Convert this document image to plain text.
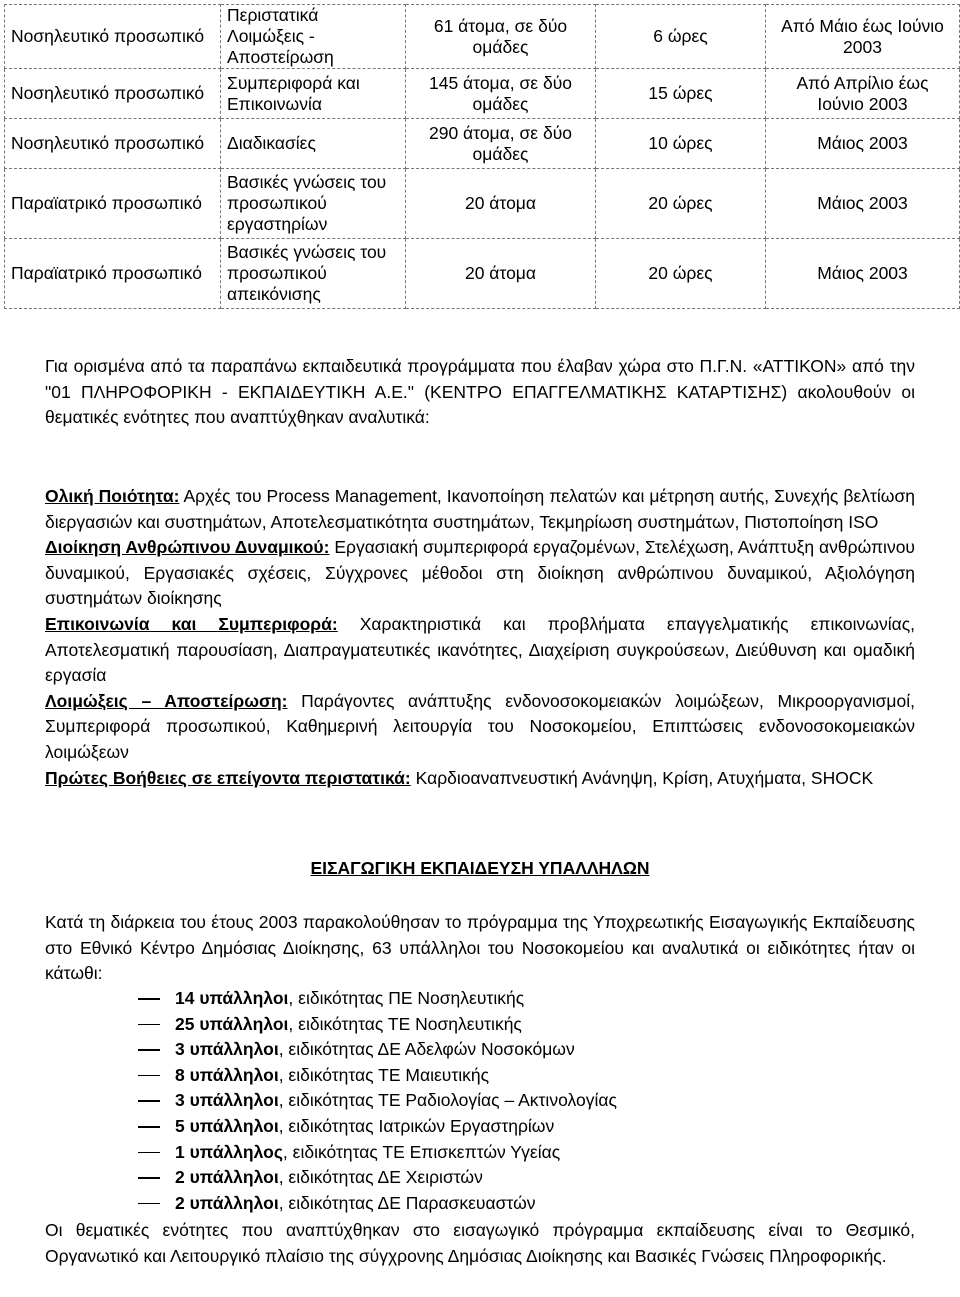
Νοσηλευτικό προσωπικό	Περιστατικά Λοιμώξεις - Αποστείρωση	61 άτομα, σε δύο ομάδες	6 ώρες	Από Μάιο έως Ιούνιο 2003
Νοσηλευτικό προσωπικό	Συμπεριφορά και Επικοινωνία	145 άτομα, σε δύο ομάδες	15 ώρες	Από Απρίλιο έως Ιούνιο 2003
Νοσηλευτικό προσωπικό	Διαδικασίες	290 άτομα, σε δύο ομάδες	10 ώρες	Μάιος 2003
Παραϊατρικό προσωπικό	Βασικές γνώσεις του προσωπικού εργαστηρίων	20 άτομα	20 ώρες	Μάιος 2003
Παραϊατρικό προσωπικό	Βασικές γνώσεις του προσωπικού απεικόνισης	20 άτομα	20 ώρες	Μάιος 2003

Για ορισμένα από τα παραπάνω εκπαιδευτικά προγράμματα που έλαβαν χώρα στο Π.Γ.Ν. «ΑΤΤΙΚΟΝ» από την "01 ΠΛΗΡΟΦΟΡΙΚΗ - ΕΚΠΑΙΔΕΥΤΙΚΗ Α.Ε." (ΚΕΝΤΡΟ ΕΠΑΓΓΕΛΜΑΤΙΚΗΣ ΚΑΤΑΡΤΙΣΗΣ) ακολουθούν οι θεματικές ενότητες που αναπτύχθηκαν αναλυτικά:

Ολική Ποιότητα: Αρχές του Process Management, Ικανοποίηση πελατών και μέτρηση αυτής, Συνεχής βελτίωση διεργασιών και συστημάτων, Αποτελεσματικότητα συστημάτων, Τεκμηρίωση συστημάτων, Πιστοποίηση ISO

Διοίκηση Ανθρώπινου Δυναμικού: Εργασιακή συμπεριφορά εργαζομένων, Στελέχωση, Ανάπτυξη ανθρώπινου δυναμικού, Εργασιακές σχέσεις, Σύγχρονες μέθοδοι στη διοίκηση ανθρώπινου δυναμικού, Αξιολόγηση συστημάτων διοίκησης

Επικοινωνία και Συμπεριφορά: Χαρακτηριστικά και προβλήματα επαγγελματικής επικοινωνίας, Αποτελεσματική παρουσίαση, Διαπραγματευτικές ικανότητες, Διαχείριση συγκρούσεων, Διεύθυνση και ομαδική εργασία

Λοιμώξεις – Αποστείρωση: Παράγοντες ανάπτυξης ενδονοσοκομειακών λοιμώξεων, Μικροοργανισμοί, Συμπεριφορά προσωπικού, Καθημερινή λειτουργία του Νοσοκομείου, Επιπτώσεις ενδονοσοκομειακών λοιμώξεων

Πρώτες Βοήθειες σε επείγοντα περιστατικά: Καρδιοαναπνευστική Ανάνηψη, Κρίση, Ατυχήματα, SHOCK

ΕΙΣΑΓΩΓΙΚΗ ΕΚΠΑΙΔΕΥΣΗ ΥΠΑΛΛΗΛΩΝ

Κατά τη διάρκεια του έτους 2003 παρακολούθησαν το πρόγραμμα της Υποχρεωτικής Εισαγωγικής Εκπαίδευσης στο Εθνικό Κέντρο Δημόσιας Διοίκησης, 63 υπάλληλοι του Νοσοκομείου και αναλυτικά οι ειδικότητες ήταν οι κάτωθι:

14 υπάλληλοι, ειδικότητας ΠΕ Νοσηλευτικής
25 υπάλληλοι, ειδικότητας ΤΕ Νοσηλευτικής
3 υπάλληλοι, ειδικότητας ΔΕ Αδελφών Νοσοκόμων
8 υπάλληλοι, ειδικότητας ΤΕ Μαιευτικής
3 υπάλληλοι, ειδικότητας ΤΕ Ραδιολογίας – Ακτινολογίας
5 υπάλληλοι, ειδικότητας Ιατρικών Εργαστηρίων
1 υπάλληλος, ειδικότητας ΤΕ Επισκεπτών Υγείας
2 υπάλληλοι, ειδικότητας ΔΕ Χειριστών
2 υπάλληλοι, ειδικότητας ΔΕ Παρασκευαστών

Οι θεματικές ενότητες που αναπτύχθηκαν στο εισαγωγικό πρόγραμμα εκπαίδευσης είναι το Θεσμικό, Οργανωτικό και Λειτουργικό πλαίσιο της σύγχρονης Δημόσιας Διοίκησης και Βασικές Γνώσεις Πληροφορικής.
